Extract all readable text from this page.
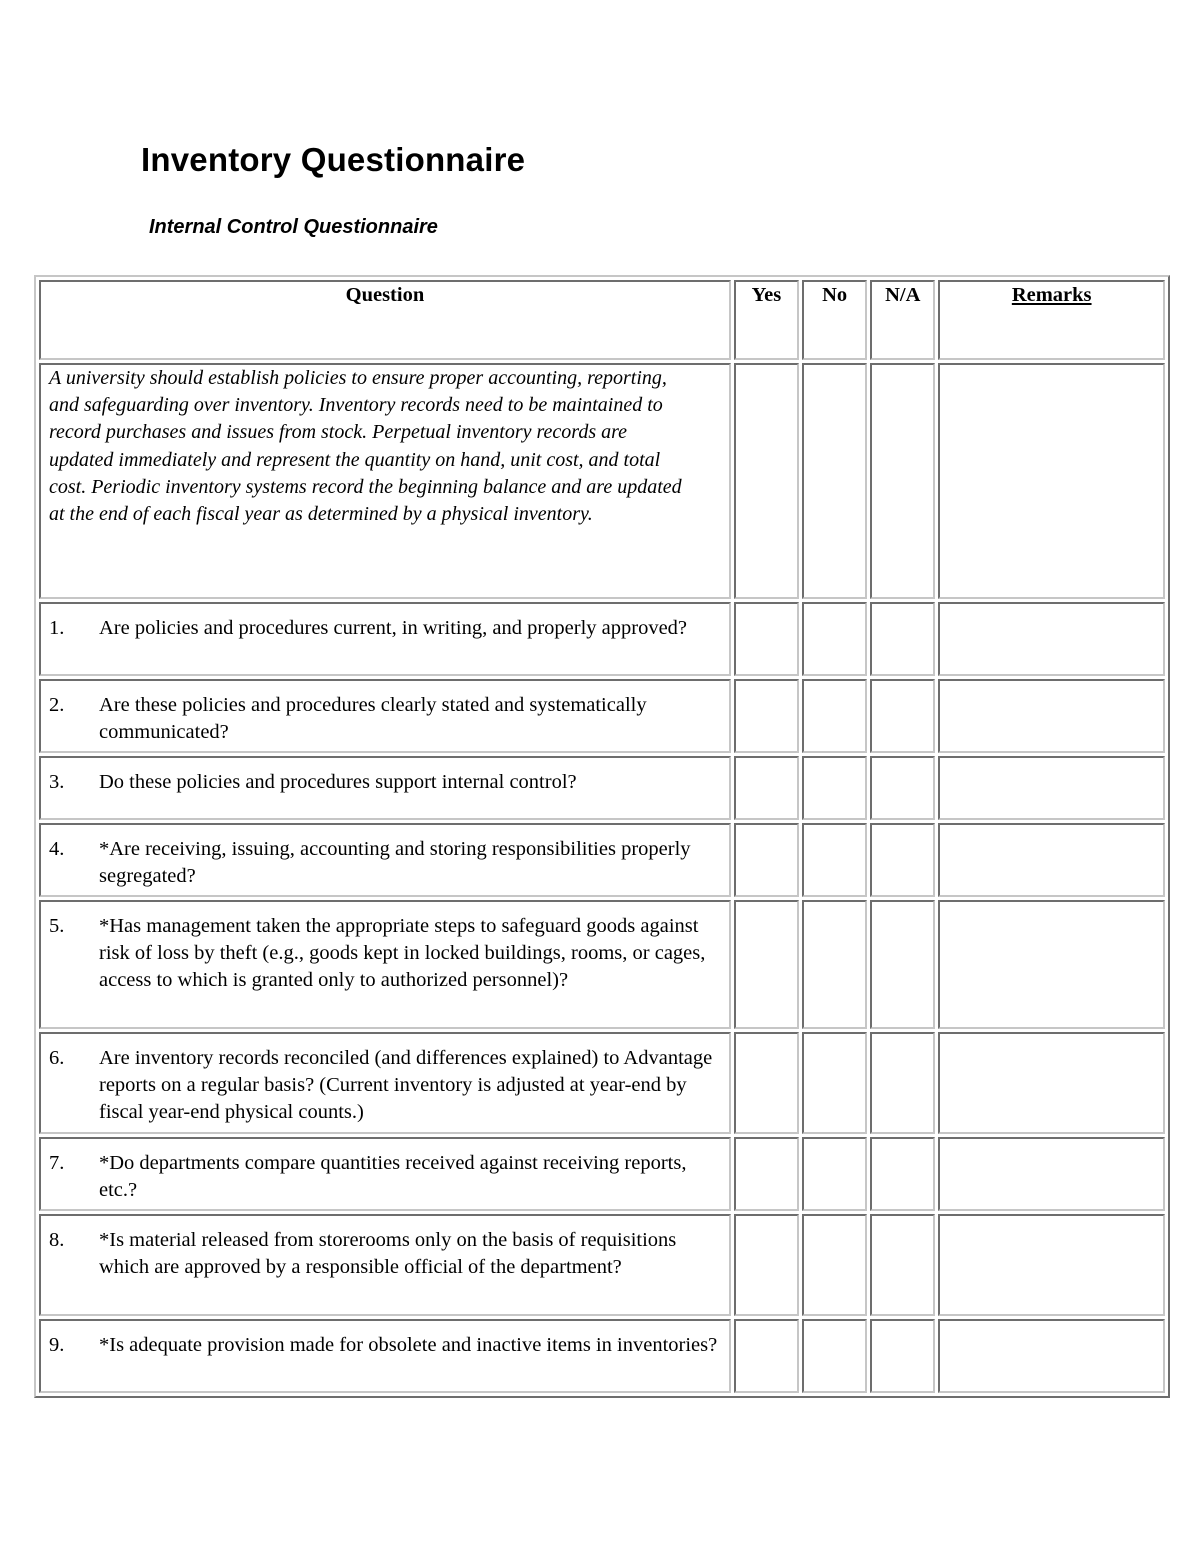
Inventory Questionnaire
Internal Control Questionnaire
Question	Yes	No	N/A	Remarks

A university should establish policies to ensure proper accounting, reporting, and safeguarding over inventory. Inventory records need to be maintained to record purchases and issues from stock. Perpetual inventory records are updated immediately and represent the quantity on hand, unit cost, and total cost. Periodic inventory systems record the beginning balance and are updated at the end of each fiscal year as determined by a physical inventory.				

1. Are policies and procedures current, in writing, and properly approved?				

2. Are these policies and procedures clearly stated and systematically communicated?				

3. Do these policies and procedures support internal control?				

4. *Are receiving, issuing, accounting and storing responsibilities properly segregated?				

5. *Has management taken the appropriate steps to safeguard goods against risk of loss by theft (e.g., goods kept in locked buildings, rooms, or cages, access to which is granted only to authorized personnel)?				

6. Are inventory records reconciled (and differences explained) to Advantage reports on a regular basis? (Current inventory is adjusted at year-end by fiscal year-end physical counts.)				

7. *Do departments compare quantities received against receiving reports, etc.?				

8. *Is material released from storerooms only on the basis of requisitions which are approved by a responsible official of the department?				

9. *Is adequate provision made for obsolete and inactive items in inventories?				
